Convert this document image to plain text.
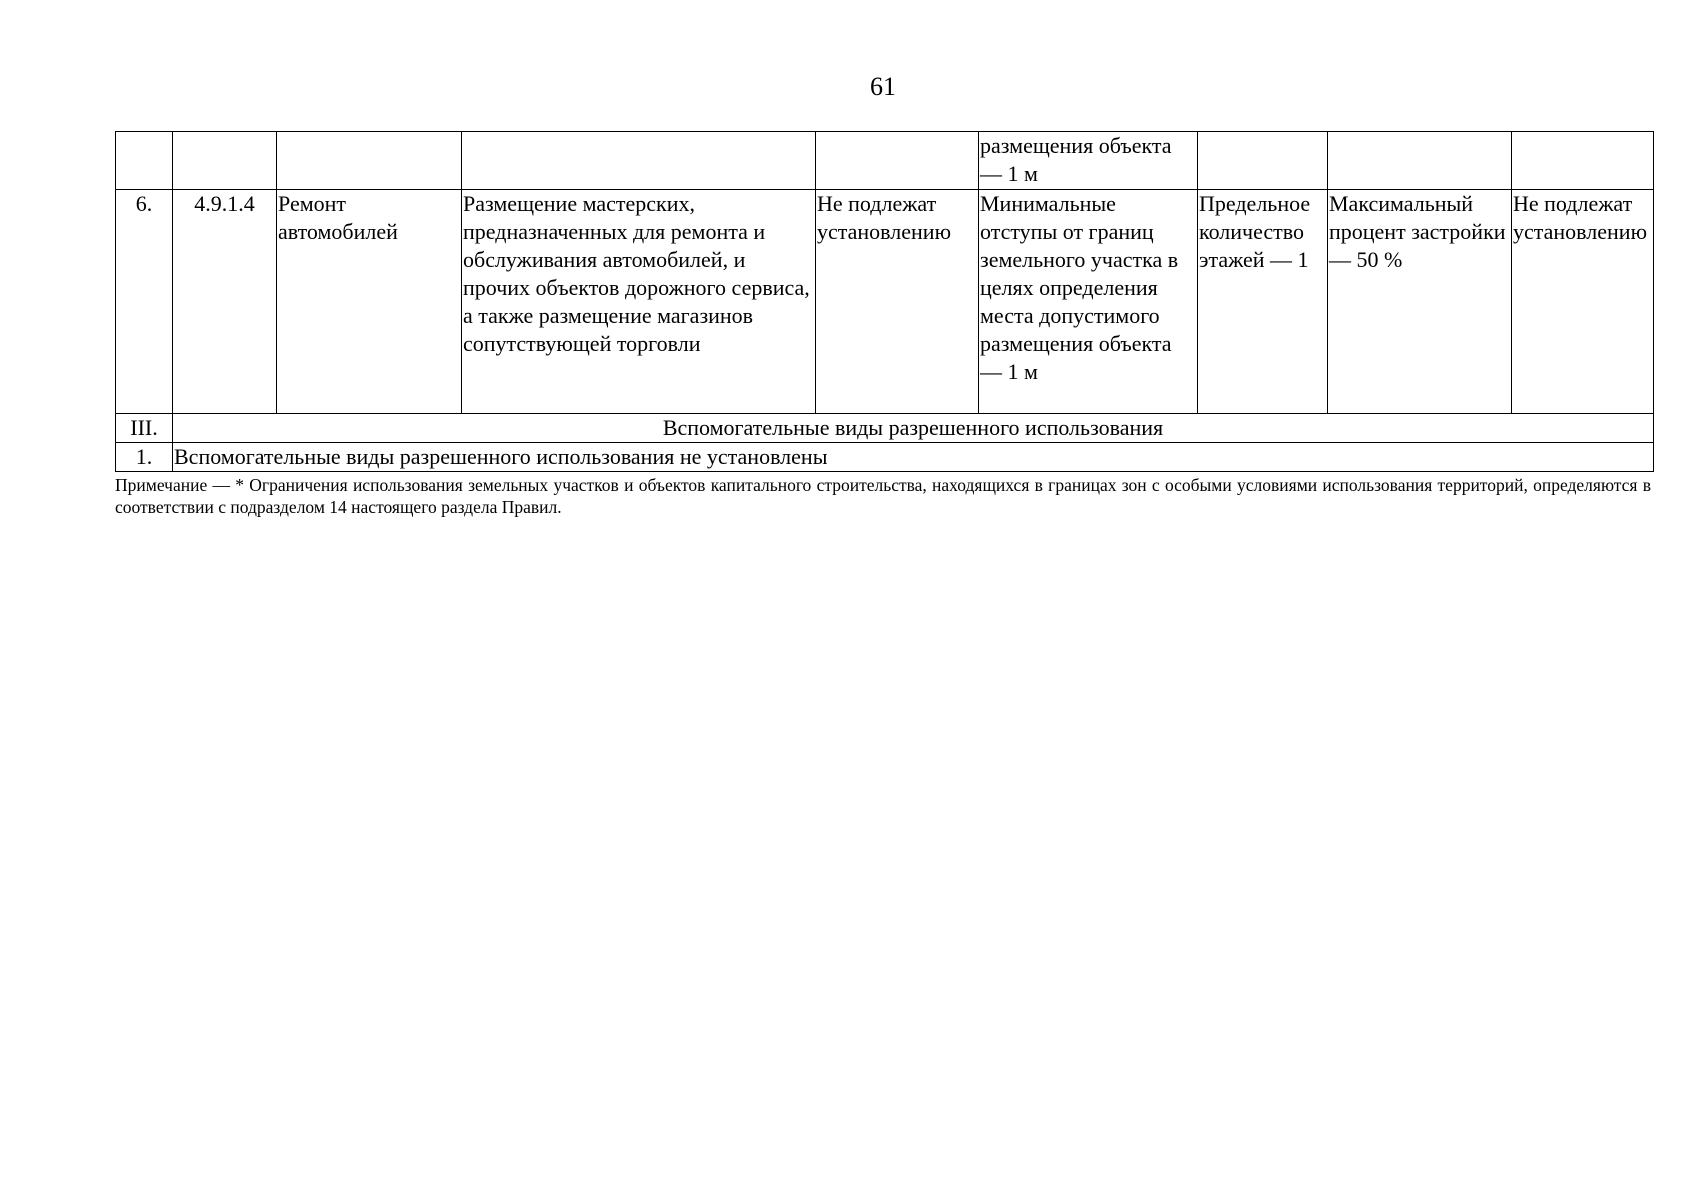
61
					размещения объекта — 1 м			
6.	4.9.1.4	Ремонт автомобилей	Размещение мастерских, предназначенных для ремонта и обслуживания автомобилей, и прочих объектов дорожного сервиса, а также размещение магазинов сопутствующей торговли	Не подлежат установлению	Минимальные отступы от границ земельного участка в целях определения места допустимого размещения объекта — 1 м	Предельное количество этажей — 1	Максимальный процент застройки — 50 %	Не подлежат установлению
III.	Вспомогательные виды разрешенного использования							
1.	Вспомогательные виды разрешенного использования не установлены							
Примечание — * Ограничения использования земельных участков и объектов капитального строительства, находящихся в границах зон с особыми условиями использования территорий, определяются в соответствии с подразделом 14 настоящего раздела Правил.
